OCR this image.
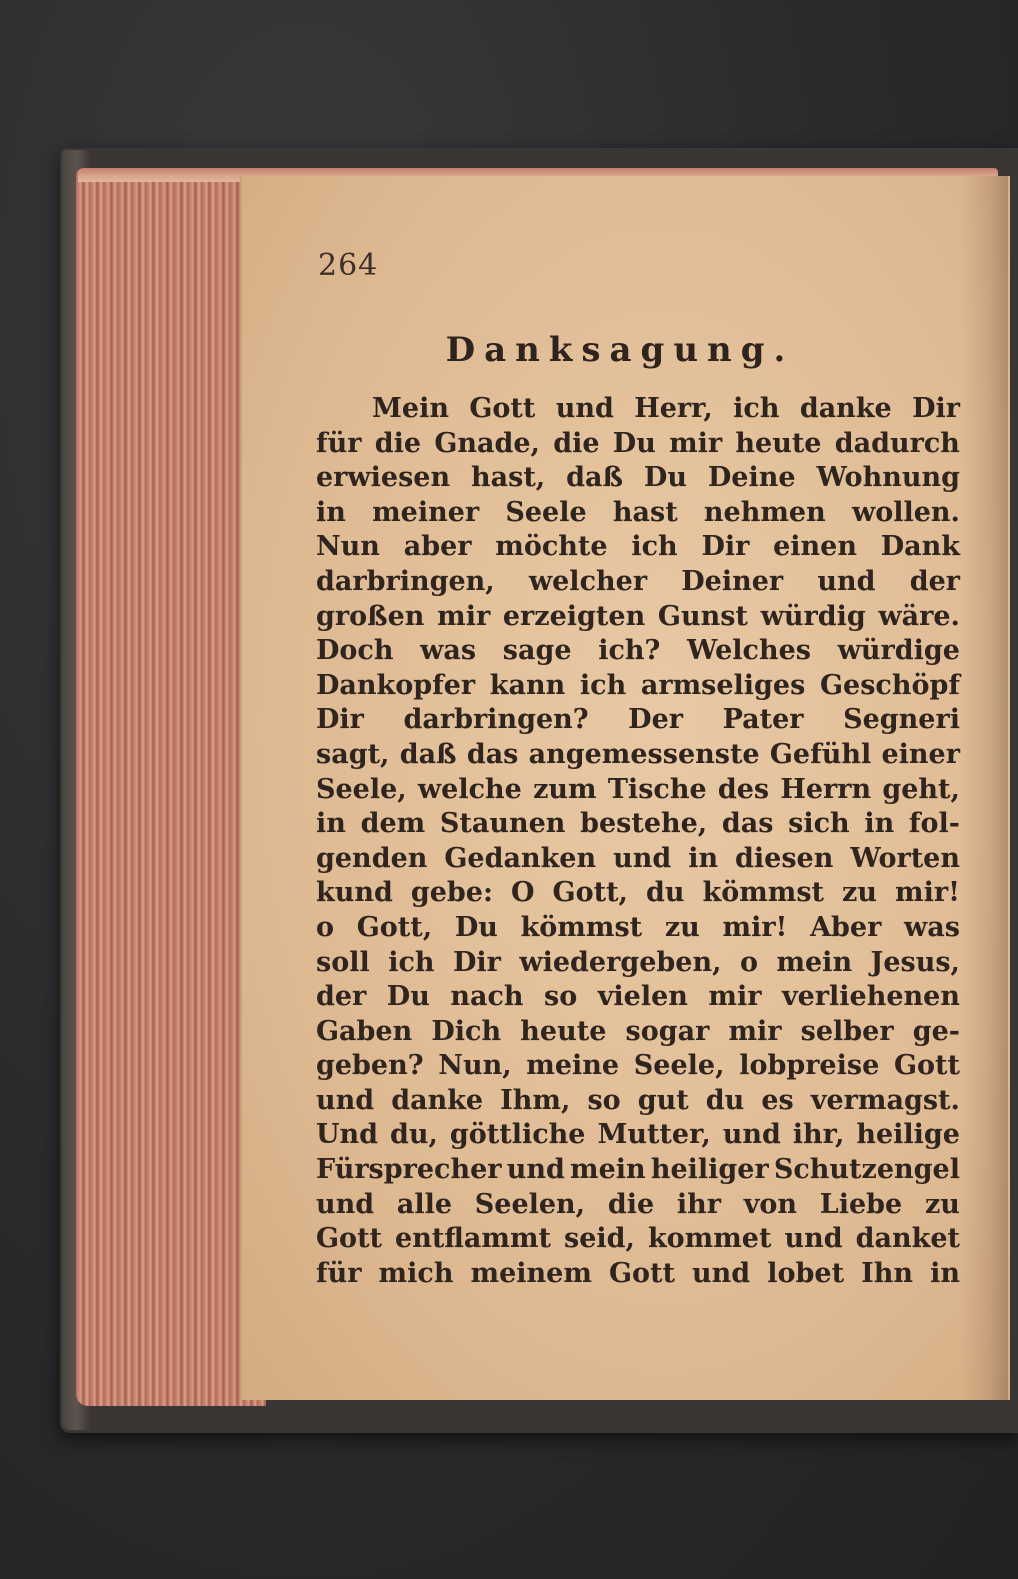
264
Danksagung.
Mein Gott und Herr, ich danke Dir
für die Gnade, die Du mir heute dadurch
erwiesen hast, daß Du Deine Wohnung
in meiner Seele hast nehmen wollen.
Nun aber möchte ich Dir einen Dank
darbringen, welcher Deiner und der
großen mir erzeigten Gunst würdig wäre.
Doch was sage ich? Welches würdige
Dankopfer kann ich armseliges Geschöpf
Dir darbringen? Der Pater Segneri
sagt, daß das angemessenste Gefühl einer
Seele, welche zum Tische des Herrn geht,
in dem Staunen bestehe, das sich in fol-
genden Gedanken und in diesen Worten
kund gebe: O Gott, du kömmst zu mir!
o Gott, Du kömmst zu mir! Aber was
soll ich Dir wiedergeben, o mein Jesus,
der Du nach so vielen mir verliehenen
Gaben Dich heute sogar mir selber ge-
geben? Nun, meine Seele, lobpreise Gott
und danke Ihm, so gut du es vermagst.
Und du, göttliche Mutter, und ihr, heilige
Fürsprecher und mein heiliger Schutzengel
und alle Seelen, die ihr von Liebe zu
Gott entflammt seid, kommet und danket
für mich meinem Gott und lobet Ihn in
